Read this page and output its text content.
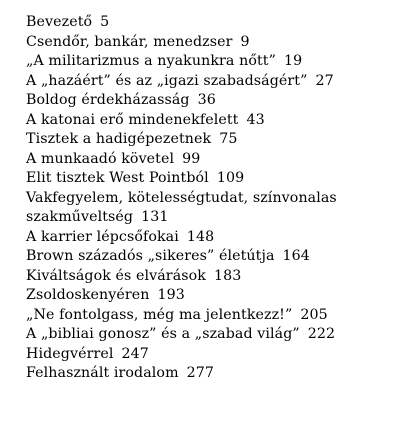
Bevezető 5
Csendőr, bankár, menedzser 9
„A militarizmus a nyakunkra nőtt” 19
A „hazáért” és az „igazi szabadságért” 27
Boldog érdekházasság 36
A katonai erő mindenekfelett 43
Tisztek a hadigépezetnek 75
A munkaadó követel 99
Elit tisztek West Pointból 109
Vakfegyelem, kötelességtudat, színvonalas
szakműveltség 131
A karrier lépcsőfokai 148
Brown századós „sikeres” életútja 164
Kiváltságok és elvárások 183
Zsoldoskenyéren 193
„Ne fontolgass, még ma jelentkezz!” 205
A „bibliai gonosz” és a „szabad világ” 222
Hidegvérrel 247
Felhasznált irodalom 277
